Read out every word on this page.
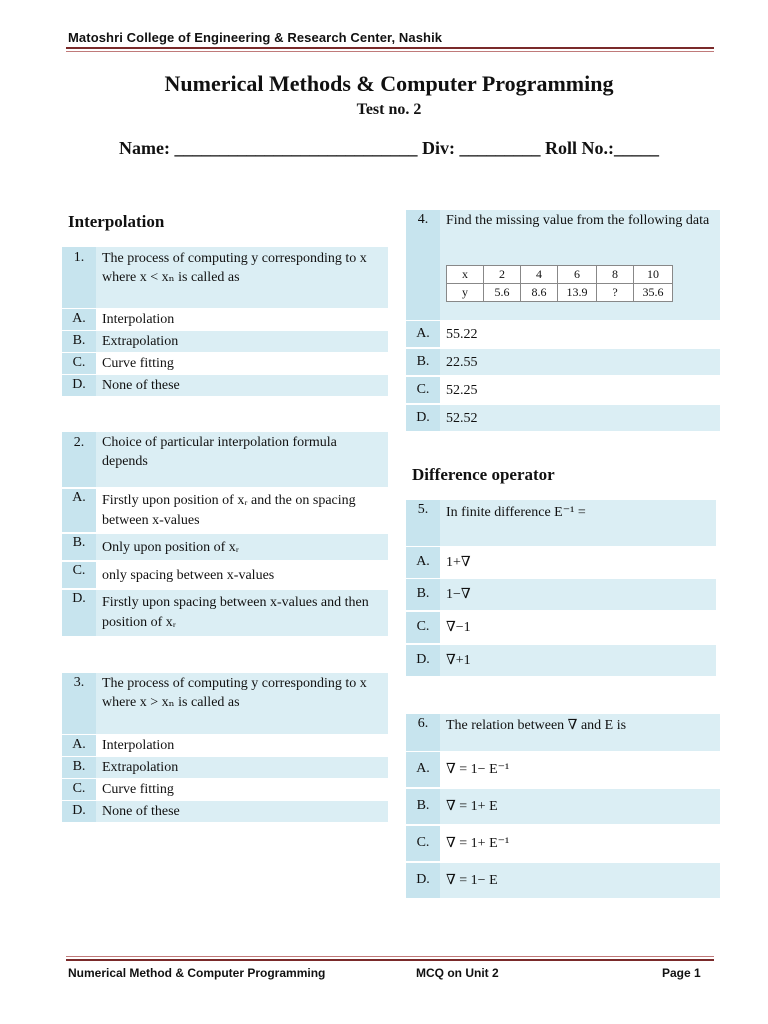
Matoshri College of Engineering & Research Center, Nashik
Numerical Methods & Computer Programming
Test no. 2
Name: ___________________________ Div: _________ Roll No.:_____
Interpolation
1.	The process of computing y corresponding to x where x < xₙ is called as
A.	Interpolation
B.	Extrapolation
C.	Curve fitting
D.	None of these
2.	Choice of particular interpolation formula depends
A.	Firstly upon position of xᵣ and the on spacing between x-values
B.	Only upon position of xᵣ
C.	only spacing between x-values
D.	Firstly upon spacing between x-values and then position of xᵣ
3.	The process of computing y corresponding to x where x > xₙ is called as
A.	Interpolation
B.	Extrapolation
C.	Curve fitting
D.	None of these
4.	Find the missing value from the following data
x	2	4	6	8	10
y	5.6	8.6	13.9	?	35.6
A.	55.22
B.	22.55
C.	52.25
D.	52.52
Difference operator
5.	In finite difference E⁻¹ =
A.	1+∇
B.	1−∇
C.	∇−1
D.	∇+1
6.	The relation between ∇ and E is
A.	∇ = 1− E⁻¹
B.	∇ = 1+ E
C.	∇ = 1+ E⁻¹
D.	∇ = 1− E
Numerical Method & Computer Programming	MCQ on Unit 2	Page 1
